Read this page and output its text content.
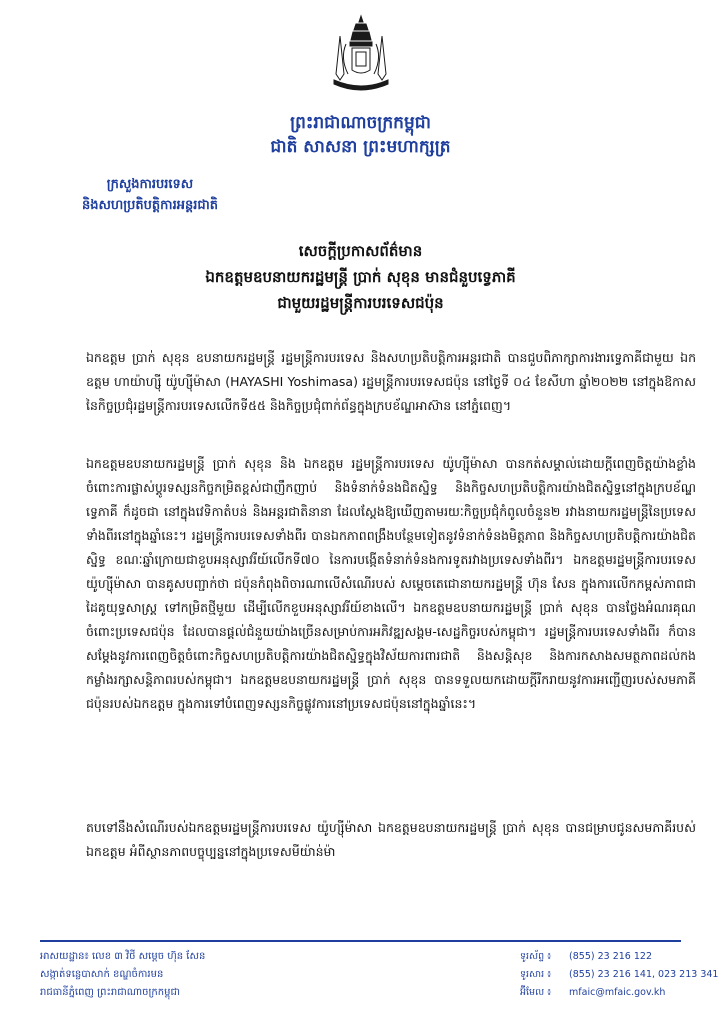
ព្រះរាជាណាចក្រកម្ពុជា
ជាតិ សាសនា ព្រះមហាក្សត្រ
ក្រសួងការបរទេស
និងសហប្រតិបត្តិការអន្តរជាតិ
សេចក្តីប្រកាសព័ត៌មាន
ឯកឧត្តមឧបនាយករដ្ឋមន្ត្រី ប្រាក់ សុខុន មានជំនួបទ្វេភាគី
ជាមួយរដ្ឋមន្ត្រីការបរទេសជប៉ុន

ឯកឧត្តម ប្រាក់ សុខុន ឧបនាយករដ្ឋមន្ត្រី រដ្ឋមន្ត្រីការបរទេស និងសហប្រតិបត្តិការអន្តរជាតិ បានជួបពិភាក្សាការងារទ្វេភាគីជាមួយ ឯកឧត្តម ហាយ៉ាហ្ស៊ី យ៉ូហ្ស៊ីម៉ាសា (HAYASHI Yoshimasa) រដ្ឋមន្ត្រីការបរទេសជប៉ុន នៅថ្ងៃទី ០៤ ខែសីហា ឆ្នាំ២០២២ នៅក្នុងឱកាសនៃកិច្ចប្រជុំរដ្ឋមន្ត្រីការបរទេសលើកទី៥៥ និងកិច្ចប្រជុំពាក់ព័ន្ធក្នុងក្របខ័ណ្ឌអាស៊ាន នៅភ្នំពេញ។

ឯកឧត្តមឧបនាយករដ្ឋមន្ត្រី ប្រាក់ សុខុន និង ឯកឧត្តម រដ្ឋមន្ត្រីការបរទេស យ៉ូហ្ស៊ីម៉ាសា បានកត់សម្គាល់ដោយក្តីពេញចិត្តយ៉ាងខ្លាំងចំពោះការផ្លាស់ប្តូរទស្សនកិច្ចកម្រិតខ្ពស់ជាញឹកញាប់ និងទំនាក់ទំនងជិតស្និទ្ធ និងកិច្ចសហប្រតិបត្តិការយ៉ាងជិតស្និទ្ធនៅក្នុងក្របខ័ណ្ឌទ្វេភាគី ក៏ដូចជា នៅក្នុងវេទិកាតំបន់ និងអន្តរជាតិនានា ដែលស្តែងឱ្យឃើញតាមរយៈកិច្ចប្រជុំកំពូលចំនួន២ រវាងនាយករដ្ឋមន្ត្រីនៃប្រទេសទាំងពីរនៅក្នុងឆ្នាំនេះ។ រដ្ឋមន្ត្រីការបរទេសទាំងពីរ បានឯកភាពពង្រឹងបន្ថែមទៀតនូវទំនាក់ទំនងមិត្តភាព និងកិច្ចសហប្រតិបត្តិការយ៉ាងជិតស្និទ្ធ ខណៈឆ្នាំក្រោយជាខួបអនុស្សាវរីយ៍លើកទី៧០ នៃការបង្កើតទំនាក់ទំនងការទូតរវាងប្រទេសទាំងពីរ។ ឯកឧត្តមរដ្ឋមន្ត្រីការបរទេស យ៉ូហ្ស៊ីម៉ាសា បានគូសបញ្ជាក់ថា ជប៉ុនកំពុងពិចារណាលើសំណើរបស់ សម្តេចតេជោនាយករដ្ឋមន្ត្រី ហ៊ុន សែន ក្នុងការលើកកម្ពស់ភាពជាដៃគូយុទ្ធសាស្ត្រ ទៅកម្រិតថ្មីមួយ ដើម្បីលើកខួបអនុស្សាវរីយ៍ខាងលើ។ ឯកឧត្តមឧបនាយករដ្ឋមន្ត្រី ប្រាក់ សុខុន បានថ្លែងអំណរគុណចំពោះប្រទេសជប៉ុន ដែលបានផ្តល់ជំនួយយ៉ាងច្រើនសម្រាប់ការអភិវឌ្ឍសង្គម-សេដ្ឋកិច្ចរបស់កម្ពុជា។ រដ្ឋមន្ត្រីការបរទេសទាំងពីរ ក៏បានសម្តែងនូវការពេញចិត្តចំពោះកិច្ចសហប្រតិបត្តិការយ៉ាងជិតស្និទ្ធក្នុងវិស័យការពារជាតិ និងសន្តិសុខ និងការកសាងសមត្ថភាពដល់កងកម្លាំងរក្សាសន្តិភាពរបស់កម្ពុជា។ ឯកឧត្តមឧបនាយករដ្ឋមន្ត្រី ប្រាក់ សុខុន បានទទួលយកដោយក្តីរីករាយនូវការអញ្ជើញរបស់សមភាគីជប៉ុនរបស់ឯកឧត្តម ក្នុងការទៅបំពេញទស្សនកិច្ចផ្លូវការនៅប្រទេសជប៉ុននៅក្នុងឆ្នាំនេះ។

តបទៅនឹងសំណើរបស់ឯកឧត្តមរដ្ឋមន្ត្រីការបរទេស យ៉ូហ្ស៊ីម៉ាសា ឯកឧត្តមឧបនាយករដ្ឋមន្ត្រី ប្រាក់ សុខុន បានជម្រាបជូនសមភាគីរបស់ឯកឧត្តម អំពីស្ថានភាពបច្ចុប្បន្ននៅក្នុងប្រទេសមីយ៉ាន់ម៉ា

អាសយដ្ឋាន៖ លេខ ៣ វិថី សម្តេច ហ៊ុន សែន
សង្កាត់ទន្លេបាសាក់ ខណ្ឌចំការមន
រាជធានីភ្នំពេញ ព្រះរាជាណាចក្រកម្ពុជា
ទូរស័ព្ទ ៖ (855) 23 216 122
ទូរសារ ៖ (855) 23 216 141, 023 213 341
អ៊ីមែល ៖ mfaic@mfaic.gov.kh
